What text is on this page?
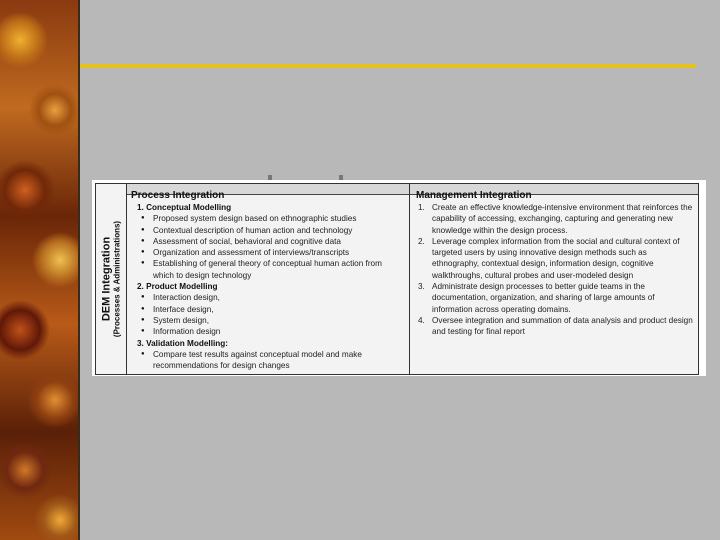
DEM Integration (Processes & Administrations)
Process Integration
1. Conceptual Modelling
● Proposed system design based on ethnographic studies
● Contextual description of human action and technology
● Assessment of social, behavioral and cognitive data
● Organization and assessment of interviews/transcripts
● Establishing of general theory of conceptual human action from which to design technology
2. Product Modelling
● Interaction design,
● Interface design,
● System design,
● Information design
3. Validation Modelling:
● Compare test results against conceptual model and make recommendations for design changes
Management Integration
1. Create an effective knowledge-intensive environment that reinforces the capability of accessing, exchanging, capturing and generating new knowledge within the design process.
2. Leverage complex information from the social and cultural context of targeted users by using innovative design methods such as ethnography, contextual design, information design, cognitive walkthroughs, cultural probes and user-modeled design
3. Administrate design processes to better guide teams in the documentation, organization, and sharing of large amounts of information across operating domains.
4. Oversee integration and summation of data analysis and product design and testing for final report
